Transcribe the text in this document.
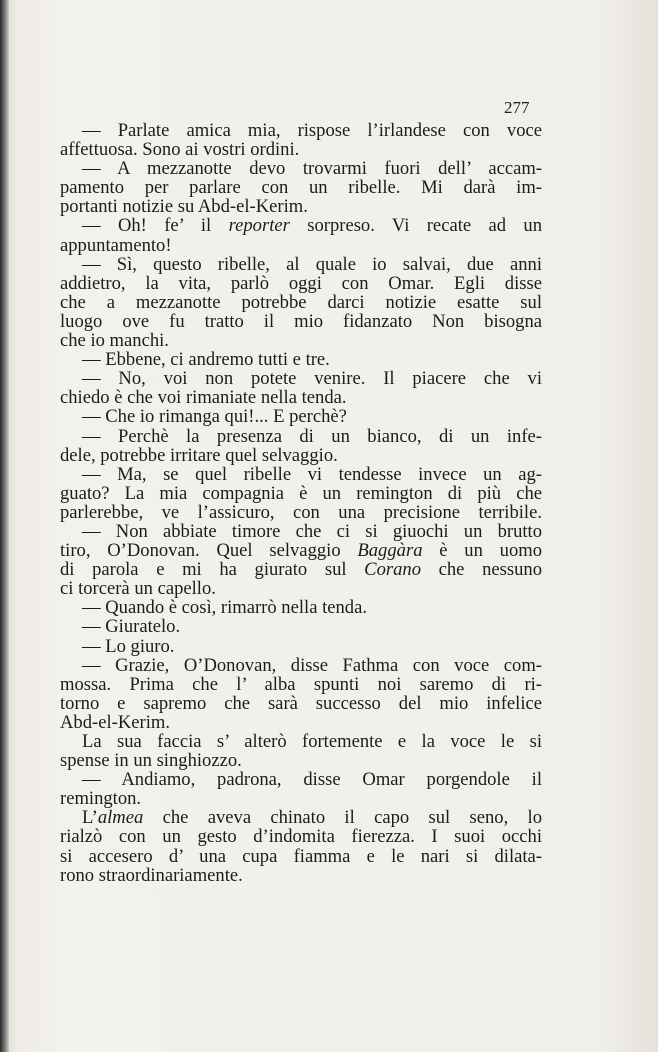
277
— Parlate amica mia, rispose l’irlandese con voce
affettuosa. Sono ai vostri ordini.
— A mezzanotte devo trovarmi fuori dell’ accam-
pamento per parlare con un ribelle. Mi darà im-
portanti notizie su Abd-el-Kerim.
— Oh! fe’ il reporter sorpreso. Vi recate ad un
appuntamento!
— Sì, questo ribelle, al quale io salvai, due anni
addietro, la vita, parlò oggi con Omar. Egli disse
che a mezzanotte potrebbe darci notizie esatte sul
luogo ove fu tratto il mio fidanzato Non bisogna
che io manchi.
— Ebbene, ci andremo tutti e tre.
— No, voi non potete venire. Il piacere che vi
chiedo è che voi rimaniate nella tenda.
— Che io rimanga qui!... E perchè?
— Perchè la presenza di un bianco, di un infe-
dele, potrebbe irritare quel selvaggio.
— Ma, se quel ribelle vi tendesse invece un ag-
guato? La mia compagnia è un remington di più che
parlerebbe, ve l’assicuro, con una precisione terribile.
— Non abbiate timore che ci si giuochi un brutto
tiro, O’Donovan. Quel selvaggio Baggàra è un uomo
di parola e mi ha giurato sul Corano che nessuno
ci torcerà un capello.
— Quando è così, rimarrò nella tenda.
— Giuratelo.
— Lo giuro.
— Grazie, O’Donovan, disse Fathma con voce com-
mossa. Prima che l’ alba spunti noi saremo di ri-
torno e sapremo che sarà successo del mio infelice
Abd-el-Kerim.
La sua faccia s’ alterò fortemente e la voce le si
spense in un singhiozzo.
— Andiamo, padrona, disse Omar porgendole il
remington.
L’almea che aveva chinato il capo sul seno, lo
rialzò con un gesto d’indomita fierezza. I suoi occhi
si accesero d’ una cupa fiamma e le nari si dilata-
rono straordinariamente.
